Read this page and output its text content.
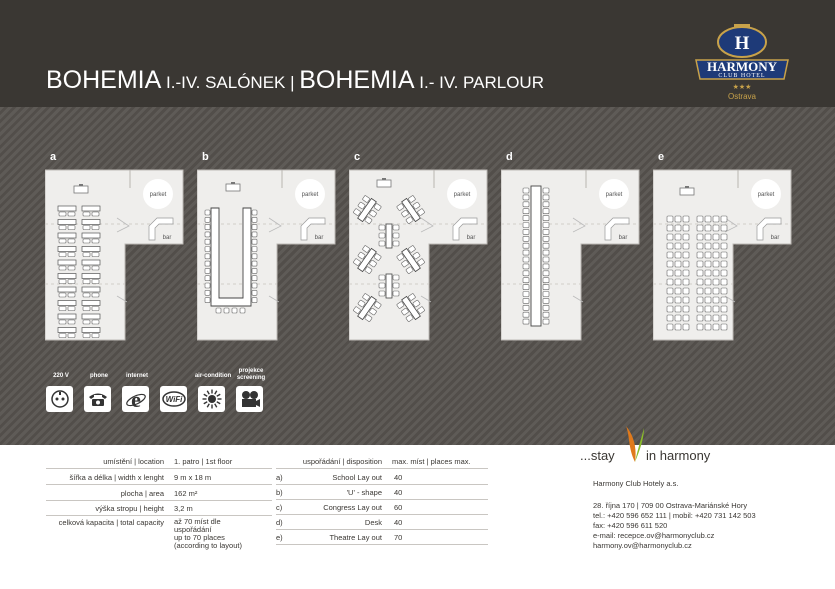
BOHEMIA I.-IV. SALÓNEK | BOHEMIA I.- IV. PARLOUR
H
HARMONY
CLUB HOTEL
★★★
Ostrava
a	b	c	d	e
parket
bar
parket
bar
parket
bar
parket
bar
parket
bar
220 V	phone	internet
e	WiFi
air-condition
projekce
screening
umístění | location 1. patro | 1st floor
šířka a délka | width x lenght 9 m x 18 m
plocha | area 162 m²
výška stropu | height 3,2 m
celková kapacita | total capacity až 70 míst dle
uspořádání
up to 70 places
(according to layout)
uspořádání | disposition max. míst | places max.
a)	School Lay out 40
b)	'U' - shape 40
c)	Congress Lay out 60
d)	Desk 40
e)	Theatre Lay out 70
...stay in harmony
Harmony Club Hotely a.s.
28. října 170 | 709 00 Ostrava-Mariánské Hory
tel.: +420 596 652 111 | mobil: +420 731 142 503
fax: +420 596 611 520
e-mail: recepce.ov@harmonyclub.cz
harmony.ov@harmonyclub.cz
